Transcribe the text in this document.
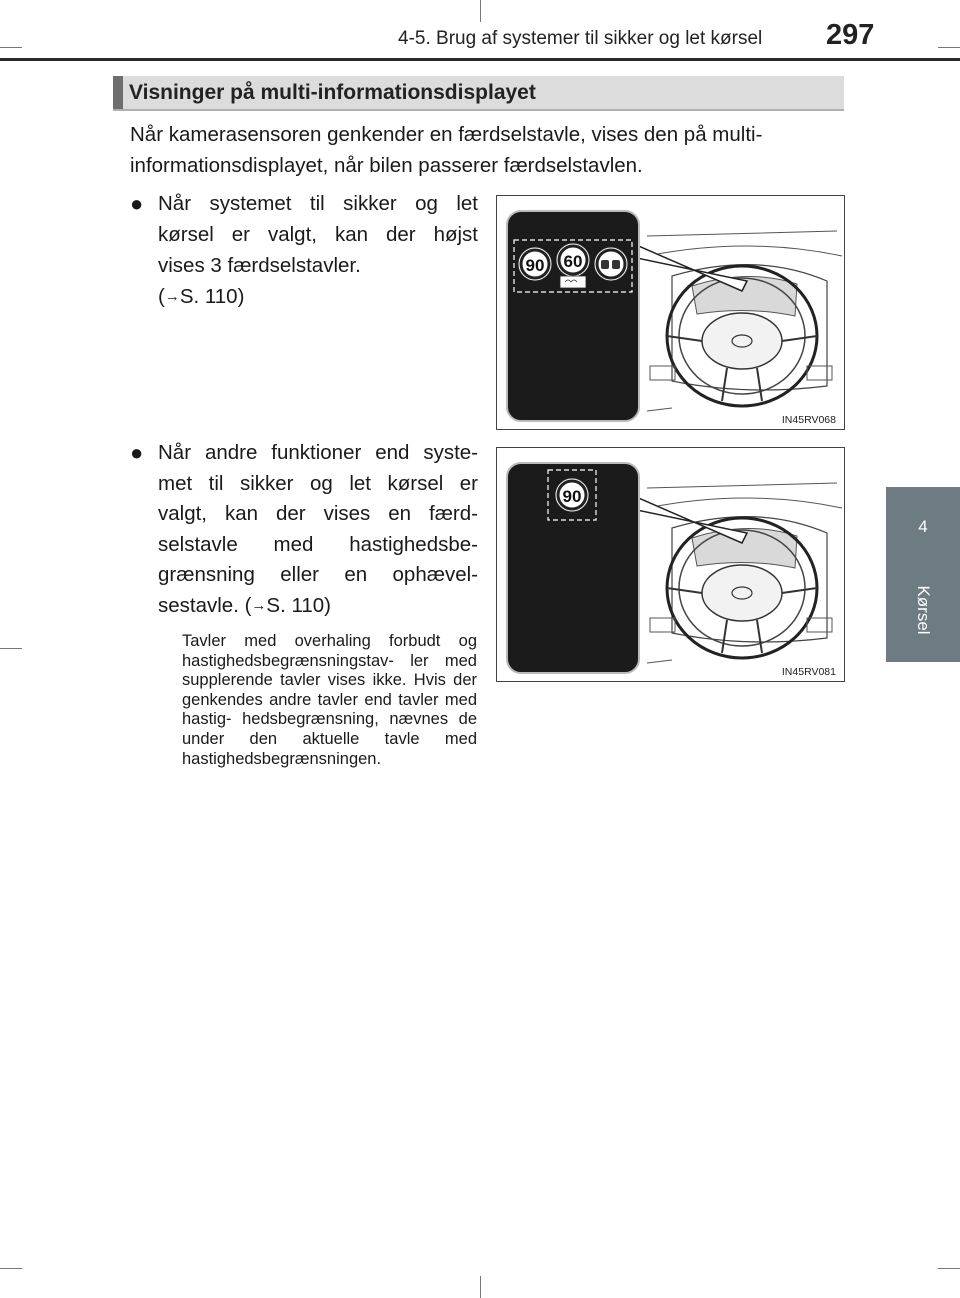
4-5. Brug af systemer til sikker og let kørsel 297
4
Kørsel
Visninger på multi-informationsdisplayet
Når kamerasensoren genkender en færdselstavle, vises den på multi-
informationsdisplayet, når bilen passerer færdselstavlen.
● Når systemet til sikker og let
kørsel er valgt, kan der højst
vises 3 færdselstavler.
(→S. 110)
● Når andre funktioner end syste-
met til sikker og let kørsel er
valgt, kan der vises en færd-
selstavle med hastighedsbe-
grænsning eller en ophævel-
sestavle. (→S. 110)
Tavler med overhaling forbudt og hastighedsbegrænsningstav- ler med supplerende tavler vises ikke. Hvis der genkendes andre tavler end tavler med hastig- hedsbegrænsning, nævnes de under den aktuelle tavle med hastighedsbegrænsningen.
90 60
IN45RV068
90
IN45RV081
